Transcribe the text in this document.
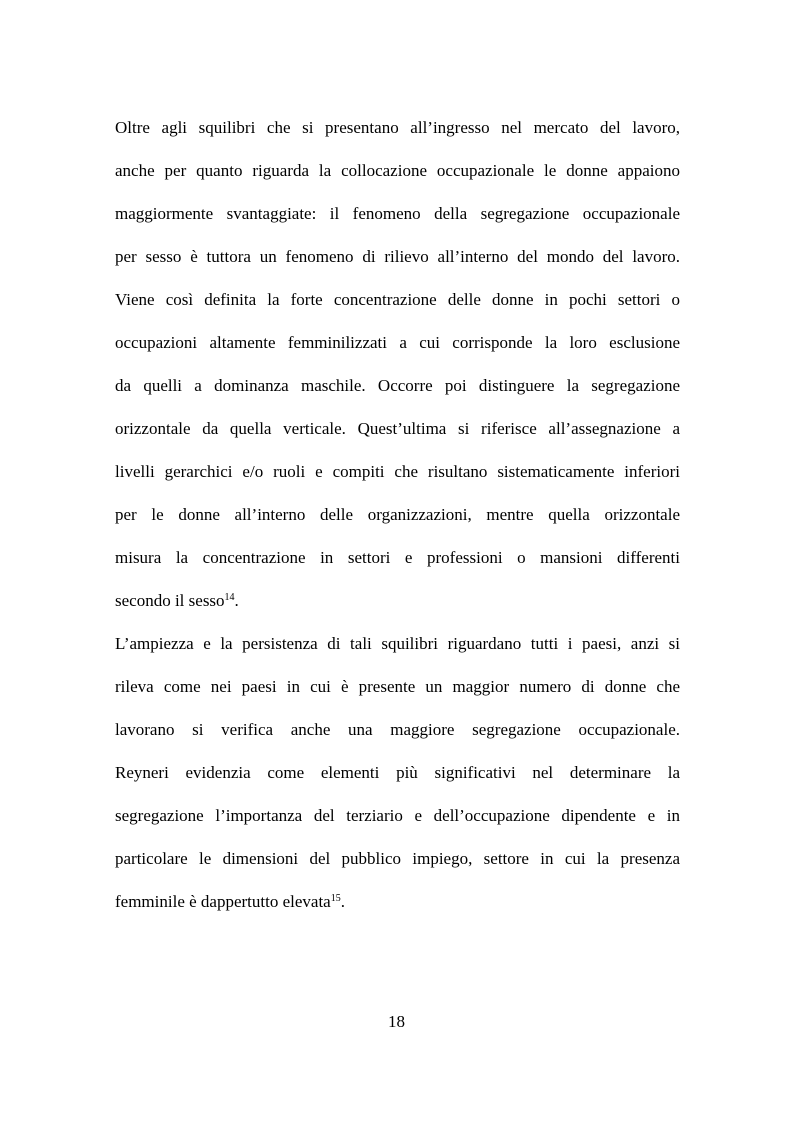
Oltre agli squilibri che si presentano all’ingresso nel mercato del lavoro,
anche per quanto riguarda la collocazione occupazionale le donne appaiono
maggiormente svantaggiate: il fenomeno della segregazione occupazionale
per sesso è tuttora un fenomeno di rilievo all’interno del mondo del lavoro.
Viene così definita la forte concentrazione delle donne in pochi settori o
occupazioni altamente femminilizzati a cui corrisponde la loro esclusione
da quelli a dominanza maschile. Occorre poi distinguere la segregazione
orizzontale da quella verticale. Quest’ultima si riferisce all’assegnazione a
livelli gerarchici e/o ruoli e compiti che risultano sistematicamente inferiori
per le donne all’interno delle organizzazioni, mentre quella orizzontale
misura la concentrazione in settori e professioni o mansioni differenti
secondo il sesso$^{14}$.
L’ampiezza e la persistenza di tali squilibri riguardano tutti i paesi, anzi si
rileva come nei paesi in cui è presente un maggior numero di donne che
lavorano si verifica anche una maggiore segregazione occupazionale.
Reyneri evidenzia come elementi più significativi nel determinare la
segregazione l’importanza del terziario e dell’occupazione dipendente e in
particolare le dimensioni del pubblico impiego, settore in cui la presenza
femminile è dappertutto elevata$^{15}$.
18
